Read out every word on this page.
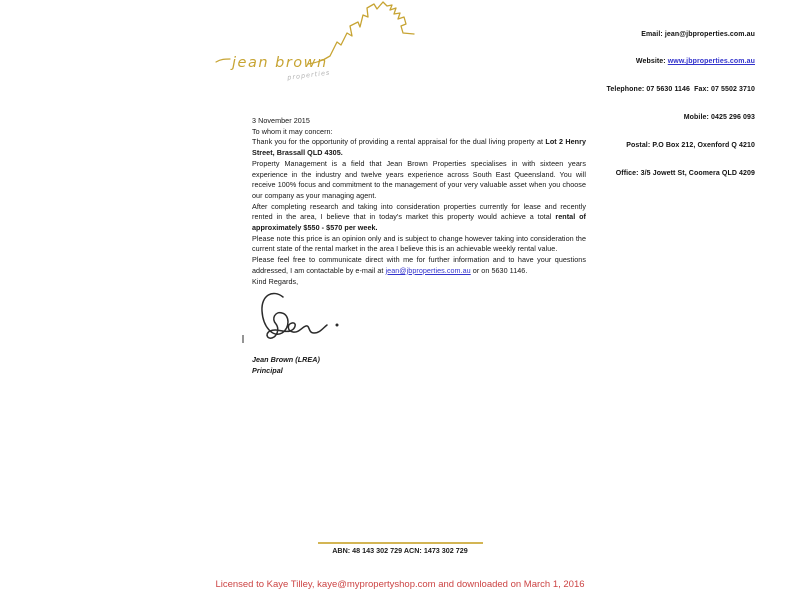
jean brown
properties

Email: jean@jbproperties.com.au

Website: www.jbproperties.com.au

Telephone: 07 5630 1146  Fax: 07 5502 3710

Mobile: 0425 296 093

Postal: P.O Box 212, Oxenford Q 4210

Office: 3/5 Jowett St, Coomera QLD 4209

3 November 2015
To whom it may concern:
Thank you for the opportunity of providing a rental appraisal for the dual living property at Lot 2 Henry Street, Brassall QLD 4305.
Property Management is a field that Jean Brown Properties specialises in with sixteen years experience in the industry and twelve years experience across South East Queensland. You will receive 100% focus and commitment to the management of your very valuable asset when you choose our company as your managing agent.
After completing research and taking into consideration properties currently for lease and recently rented in the area, I believe that in today's market this property would achieve a total rental of approximately $550 - $570 per week.
Please note this price is an opinion only and is subject to change however taking into consideration the current state of the rental market in the area I believe this is an achievable weekly rental value.
Please feel free to communicate direct with me for further information and to have your questions addressed, I am contactable by e-mail at jean@jbproperties.com.au or on 5630 1146.
Kind Regards,
Jean Brown (LREA)
Principal
ABN: 48 143 302 729 ACN: 1473 302 729
Licensed to Kaye Tilley, kaye@mypropertyshop.com and downloaded on March 1, 2016
